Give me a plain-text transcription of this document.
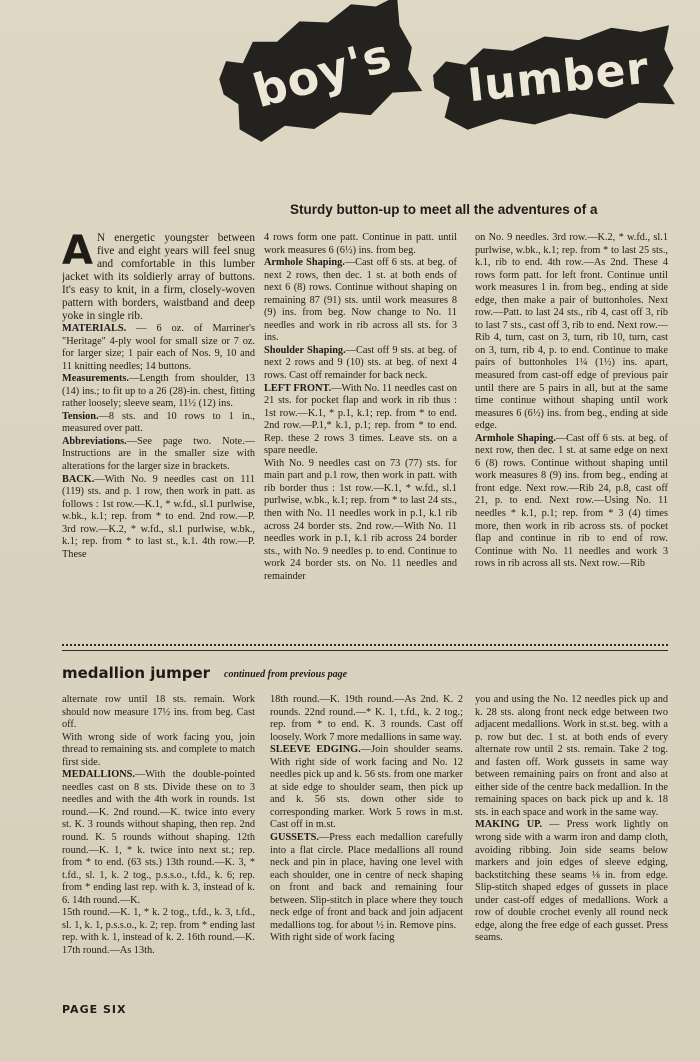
boy's lumber
Sturdy button-up to meet all the adventures of a

A N energetic youngster between five and eight years will feel snug and comfortable in this lumber jacket with its soldierly array of buttons. It's easy to knit, in a firm, closely-woven pattern with borders, waistband and deep yoke in single rib.

MATERIALS. — 6 oz. of Marriner's "Heritage" 4-ply wool for small size or 7 oz. for larger size; 1 pair each of Nos. 9, 10 and 11 knitting needles; 14 buttons.

Measurements.—Length from shoulder, 13 (14) ins.; to fit up to a 26 (28)-in. chest, fitting rather loosely; sleeve seam, 11½ (12) ins.

Tension.—8 sts. and 10 rows to 1 in., measured over patt.

Abbreviations.—See page two. Note.—Instructions are in the smaller size with alterations for the larger size in brackets.

BACK.—With No. 9 needles cast on 111 (119) sts. and p. 1 row, then work in patt. as follows : 1st row.—K.1, * w.fd., sl.1 purlwise, w.bk., k.1; rep. from * to end. 2nd row.—P. 3rd row.—K.2, * w.fd., sl.1 purlwise, w.bk., k.1; rep. from * to last st., k.1. 4th row.—P. These

4 rows form one patt. Continue in patt. until work measures 6 (6½) ins. from beg.

Armhole Shaping.—Cast off 6 sts. at beg. of next 2 rows, then dec. 1 st. at both ends of next 6 (8) rows. Continue without shaping on remaining 87 (91) sts. until work measures 8 (9) ins. from beg. Now change to No. 11 needles and work in rib across all sts. for 3 ins.

Shoulder Shaping.—Cast off 9 sts. at beg. of next 2 rows and 9 (10) sts. at beg. of next 4 rows. Cast off remainder for back neck.

LEFT FRONT.—With No. 11 needles cast on 21 sts. for pocket flap and work in rib thus : 1st row.—K.1, * p.1, k.1; rep. from * to end. 2nd row.—P.1,* k.1, p.1; rep. from * to end. Rep. these 2 rows 3 times. Leave sts. on a spare needle.

With No. 9 needles cast on 73 (77) sts. for main part and p.1 row, then work in patt. with rib border thus : 1st row.—K.1, * w.fd., sl.1 purlwise, w.bk., k.1; rep. from * to last 24 sts., then with No. 11 needles work in p.1, k.1 rib across 24 border sts. 2nd row.—With No. 11 needles work in p.1, k.1 rib across 24 border sts., with No. 9 needles p. to end. Continue to work 24 border sts. on No. 11 needles and remainder

on No. 9 needles. 3rd row.—K.2, * w.fd., sl.1 purlwise, w.bk., k.1; rep. from * to last 25 sts., k.1, rib to end. 4th row.—As 2nd. These 4 rows form patt. for left front. Continue until work measures 1 in. from beg., ending at side edge, then make a pair of buttonholes. Next row.—Patt. to last 24 sts., rib 4, cast off 3, rib to last 7 sts., cast off 3, rib to end. Next row.—Rib 4, turn, cast on 3, turn, rib 10, turn, cast on 3, turn, rib 4, p. to end. Continue to make pairs of buttonholes 1¼ (1½) ins. apart, measured from cast-off edge of previous pair until there are 5 pairs in all, but at the same time continue without shaping until work measures 6 (6½) ins. from beg., ending at side edge.

Armhole Shaping.—Cast off 6 sts. at beg. of next row, then dec. 1 st. at same edge on next 6 (8) rows. Continue without shaping until work measures 8 (9) ins. from beg., ending at front edge. Next row.—Rib 24, p.8, cast off 21, p. to end. Next row.—Using No. 11 needles * k.1, p.1; rep. from * 3 (4) times more, then work in rib across sts. of pocket flap and continue in rib to end of row. Continue with No. 11 needles and work 3 rows in rib across all sts. Next row.—Rib

medallion jumper continued from previous page

alternate row until 18 sts. remain. Work should now measure 17½ ins. from beg. Cast off.

With wrong side of work facing you, join thread to remaining sts. and complete to match first side.

MEDALLIONS.—With the double-pointed needles cast on 8 sts. Divide these on to 3 needles and with the 4th work in rounds. 1st round.—K. 2nd round.—K. twice into every st. K. 3 rounds without shaping, then rep. 2nd round. K. 5 rounds without shaping. 12th round.—K. 1, * k. twice into next st.; rep. from * to end. (63 sts.) 13th round.—K. 3, * t.fd., sl. 1, k. 2 tog., p.s.s.o., t.fd., k. 6; rep. from * ending last rep. with k. 3, instead of k. 6. 14th round.—K.

15th round.—K. 1, * k. 2 tog., t.fd., k. 3, t.fd., sl. 1, k. 1, p.s.s.o., k. 2; rep. from * ending last rep. with k. 1, instead of k. 2. 16th round.—K. 17th round.—As 13th.

18th round.—K. 19th round.—As 2nd. K. 2 rounds. 22nd round.—* K. 1, t.fd., k. 2 tog.; rep. from * to end. K. 3 rounds. Cast off loosely. Work 7 more medallions in same way.

SLEEVE EDGING.—Join shoulder seams. With right side of work facing and No. 12 needles pick up and k. 56 sts. from one marker at side edge to shoulder seam, then pick up and k. 56 sts. down other side to corresponding marker. Work 5 rows in m.st. Cast off in m.st.

GUSSETS.—Press each medallion carefully into a flat circle. Place medallions all round neck and pin in place, having one level with each shoulder, one in centre of neck shaping on front and back and remaining four between. Slip-stitch in place where they touch neck edge of front and back and join adjacent medallions tog. for about ½ in. Remove pins.

With right side of work facing

you and using the No. 12 needles pick up and k. 28 sts. along front neck edge between two adjacent medallions. Work in st.st. beg. with a p. row but dec. 1 st. at both ends of every alternate row until 2 sts. remain. Take 2 tog. and fasten off. Work gussets in same way between remaining pairs on front and also at either side of the centre back medallion. In the remaining spaces on back pick up and k. 18 sts. in each space and work in the same way.

MAKING UP. — Press work lightly on wrong side with a warm iron and damp cloth, avoiding ribbing. Join side seams below markers and join edges of sleeve edging, backstitching these seams ⅛ in. from edge. Slip-stitch shaped edges of gussets in place under cast-off edges of medallions. Work a row of double crochet evenly all round neck edge, along the free edge of each gusset. Press seams.

PAGE SIX
